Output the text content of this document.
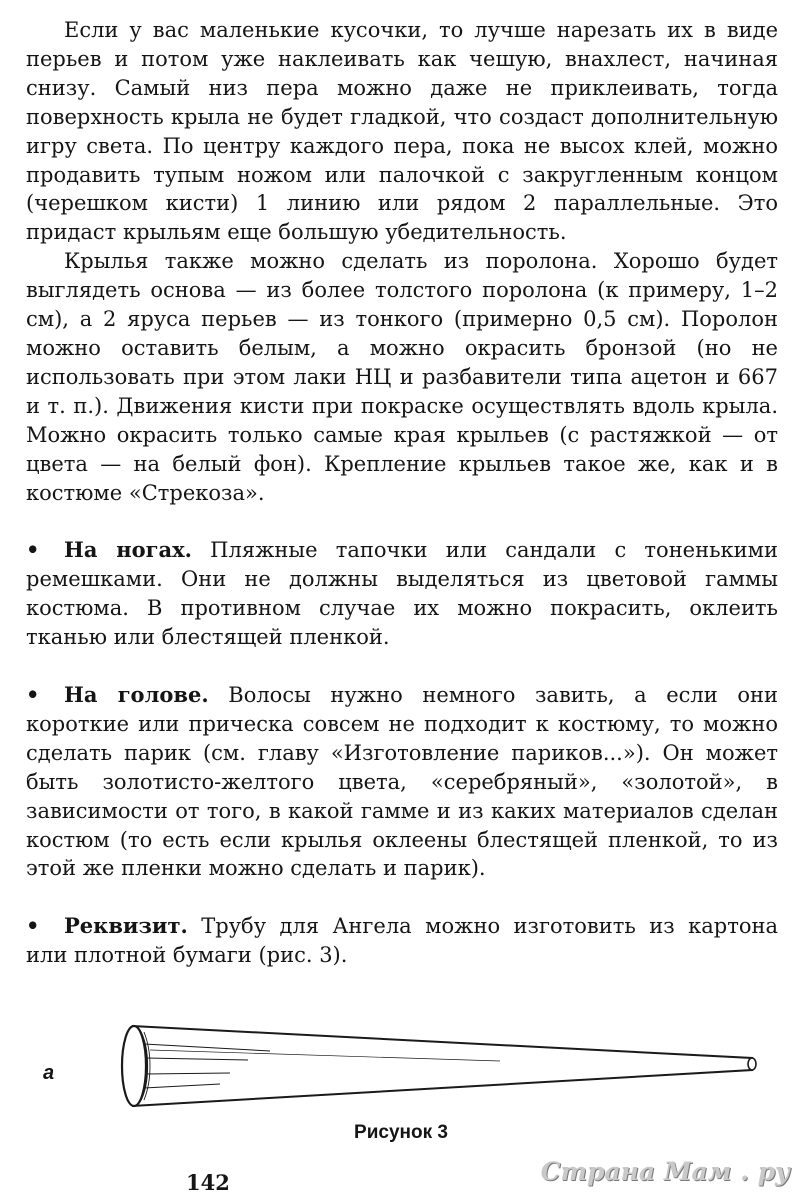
Если у вас маленькие кусочки, то лучше нарезать их в виде перьев и потом уже наклеивать как чешую, внахлест, начиная снизу. Самый низ пера можно даже не приклеивать, тогда поверхность крыла не будет гладкой, что создаст дополнительную игру света. По центру каждого пера, пока не высох клей, можно продавить тупым ножом или палочкой с закругленным концом (черешком кисти) 1 линию или рядом 2 параллельные. Это придаст крыльям еще большую убедительность.

Крылья также можно сделать из поролона. Хорошо будет выглядеть основа — из более толстого поролона (к примеру, 1–2 см), а 2 яруса перьев — из тонкого (примерно 0,5 см). Поролон можно оставить белым, а можно окрасить бронзой (но не использовать при этом лаки НЦ и разбавители типа ацетон и 667 и т. п.). Движения кисти при покраске осуществлять вдоль крыла. Можно окрасить только самые края крыльев (с растяжкой — от цвета — на белый фон). Крепление крыльев такое же, как и в костюме «Стрекоза».

• На ногах. Пляжные тапочки или сандали с тоненькими ремешками. Они не должны выделяться из цветовой гаммы костюма. В противном случае их можно покрасить, оклеить тканью или блестящей пленкой.

• На голове. Волосы нужно немного завить, а если они короткие или прическа совсем не подходит к костюму, то можно сделать парик (см. главу «Изготовление париков...»). Он может быть золотисто-желтого цвета, «серебряный», «золотой», в зависимости от того, в какой гамме и из каких материалов сделан костюм (то есть если крылья оклеены блестящей пленкой, то из этой же пленки можно сделать и парик).

• Реквизит. Трубу для Ангела можно изготовить из картона или плотной бумаги (рис. 3).

а
Рисунок 3
142	Страна Мам . ру
